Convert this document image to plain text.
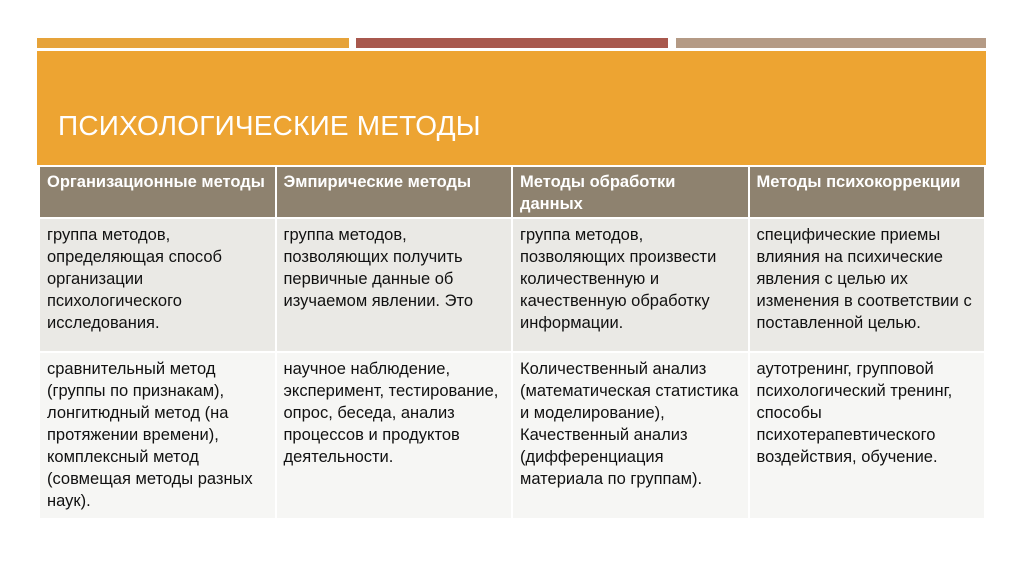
ПСИХОЛОГИЧЕСКИЕ МЕТОДЫ
Организационные методы	Эмпирические методы	Методы обработки данных	Методы психокоррекции
группа методов, определяющая способ организации психологического исследования.	группа методов, позволяющих получить первичные данные об изучаемом явлении. Это	группа методов, позволяющих произвести количественную и качественную обработку информации.	специфические приемы влияния на психические явления с целью их изменения в соответствии с поставленной целью.
сравнительный метод (группы по признакам), лонгитюдный метод (на протяжении времени), комплексный метод (совмещая методы разных наук).	научное наблюдение, эксперимент, тестирование, опрос, беседа, анализ процессов и продуктов деятельности.	Количественный анализ (математическая статистика и моделирование), Качественный анализ (дифференциация материала по группам).	аутотренинг, групповой психологический тренинг, способы психотерапевтического воздействия, обучение.
